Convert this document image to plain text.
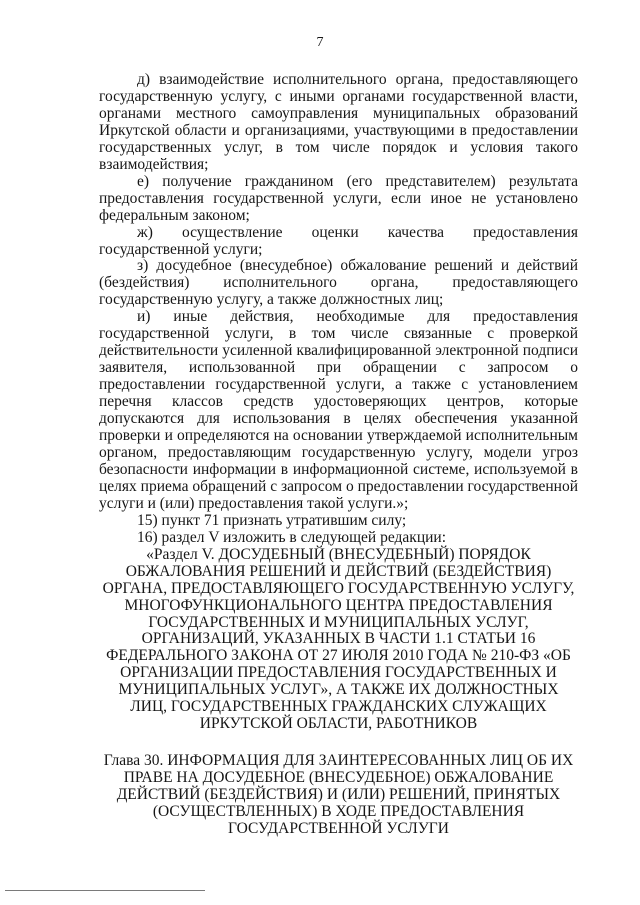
7

д) взаимодействие исполнительного органа, предоставляющего государственную услугу, с иными органами государственной власти, органами местного самоуправления муниципальных образований Иркутской области и организациями, участвующими в предоставлении государственных услуг, в том числе порядок и условия такого взаимодействия;

е) получение гражданином (его представителем) результата предоставления государственной услуги, если иное не установлено федеральным законом;

ж) осуществление оценки качества предоставления государственной услуги;

з) досудебное (внесудебное) обжалование решений и действий (бездействия) исполнительного органа, предоставляющего государственную услугу, а также должностных лиц;

и) иные действия, необходимые для предоставления государственной услуги, в том числе связанные с проверкой действительности усиленной квалифицированной электронной подписи заявителя, использованной при обращении с запросом о предоставлении государственной услуги, а также с установлением перечня классов средств удостоверяющих центров, которые допускаются для использования в целях обеспечения указанной проверки и определяются на основании утверждаемой исполнительным органом, предоставляющим государственную услугу, модели угроз безопасности информации в информационной системе, используемой в целях приема обращений с запросом о предоставлении государственной услуги и (или) предоставления такой услуги.»;

15) пункт 71 признать утратившим силу;

16) раздел V изложить в следующей редакции:

«Раздел V. ДОСУДЕБНЫЙ (ВНЕСУДЕБНЫЙ) ПОРЯДОК ОБЖАЛОВАНИЯ РЕШЕНИЙ И ДЕЙСТВИЙ (БЕЗДЕЙСТВИЯ) ОРГАНА, ПРЕДОСТАВЛЯЮЩЕГО ГОСУДАРСТВЕННУЮ УСЛУГУ, МНОГОФУНКЦИОНАЛЬНОГО ЦЕНТРА ПРЕДОСТАВЛЕНИЯ ГОСУДАРСТВЕННЫХ И МУНИЦИПАЛЬНЫХ УСЛУГ, ОРГАНИЗАЦИЙ, УКАЗАННЫХ В ЧАСТИ 1.1 СТАТЬИ 16 ФЕДЕРАЛЬНОГО ЗАКОНА ОТ 27 ИЮЛЯ 2010 ГОДА № 210-ФЗ «ОБ ОРГАНИЗАЦИИ ПРЕДОСТАВЛЕНИЯ ГОСУДАРСТВЕННЫХ И МУНИЦИПАЛЬНЫХ УСЛУГ», А ТАКЖЕ ИХ ДОЛЖНОСТНЫХ ЛИЦ, ГОСУДАРСТВЕННЫХ ГРАЖДАНСКИХ СЛУЖАЩИХ ИРКУТСКОЙ ОБЛАСТИ, РАБОТНИКОВ

Глава 30. ИНФОРМАЦИЯ ДЛЯ ЗАИНТЕРЕСОВАННЫХ ЛИЦ ОБ ИХ ПРАВЕ НА ДОСУДЕБНОЕ (ВНЕСУДЕБНОЕ) ОБЖАЛОВАНИЕ ДЕЙСТВИЙ (БЕЗДЕЙСТВИЯ) И (ИЛИ) РЕШЕНИЙ, ПРИНЯТЫХ (ОСУЩЕСТВЛЕННЫХ) В ХОДЕ ПРЕДОСТАВЛЕНИЯ ГОСУДАРСТВЕННОЙ УСЛУГИ
